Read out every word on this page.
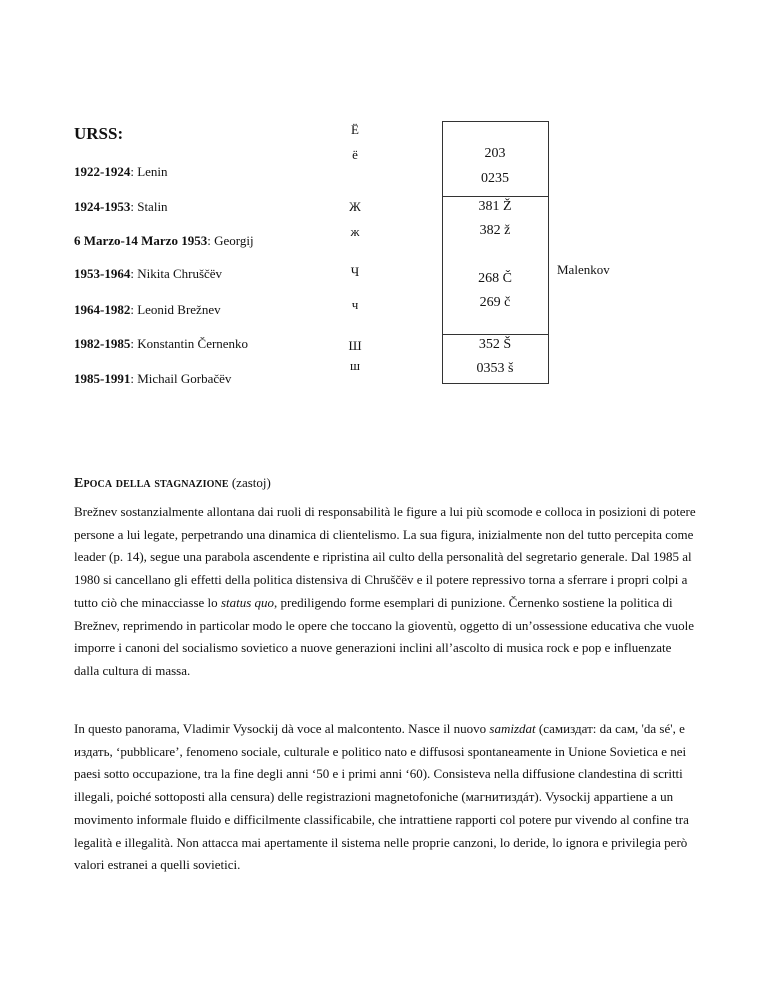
URSS:
1922-1924: Lenin
1924-1953: Stalin
6 Marzo-14 Marzo 1953: Georgij
1953-1964: Nikita Chruščëv
1964-1982: Leonid Brežnev
1982-1985: Konstantin Černenko
1985-1991: Michail Gorbačëv
Malenkov
Ё
ё
Ж
ж
Ч
ч
Ш
ш
203
0235
381 Ž
382 ž
268 Č
269 č
352 Š
0353 š
Epoca della stagnazione (zastoj)

Brežnev sostanzialmente allontana dai ruoli di responsabilità le figure a lui più scomode e colloca in posizioni di potere persone a lui legate, perpetrando una dinamica di clientelismo. La sua figura, inizialmente non del tutto percepita come leader (p. 14), segue una parabola ascendente e ripristina ail culto della personalità del segretario generale. Dal 1985 al 1980 si cancellano gli effetti della politica distensiva di Chruščëv e il potere repressivo torna a sferrare i propri colpi a tutto ciò che minacciasse lo status quo, prediligendo forme esemplari di punizione. Černenko sostiene la politica di Brežnev, reprimendo in particolar modo le opere che toccano la gioventù, oggetto di un’ossessione educativa che vuole imporre i canoni del socialismo sovietico a nuove generazioni inclini all’ascolto di musica rock e pop e influenzate dalla cultura di massa.

In questo panorama, Vladimir Vysockij dà voce al malcontento. Nasce il nuovo samizdat (самиздат: da сам, 'da sé', e издать, ‘pubblicare’, fenomeno sociale, culturale e politico nato e diffusosi spontaneamente in Unione Sovietica e nei paesi sotto occupazione, tra la fine degli anni ‘50 e i primi anni ‘60). Consisteva nella diffusione clandestina di scritti illegali, poiché sottoposti alla censura) delle registrazioni magnetofoniche (магнитиздáт). Vysockij appartiene a un movimento informale fluido e difficilmente classificabile, che intrattiene rapporti col potere pur vivendo al confine tra legalità e illegalità. Non attacca mai apertamente il sistema nelle proprie canzoni, lo deride, lo ignora e privilegia però valori estranei a quelli sovietici.
